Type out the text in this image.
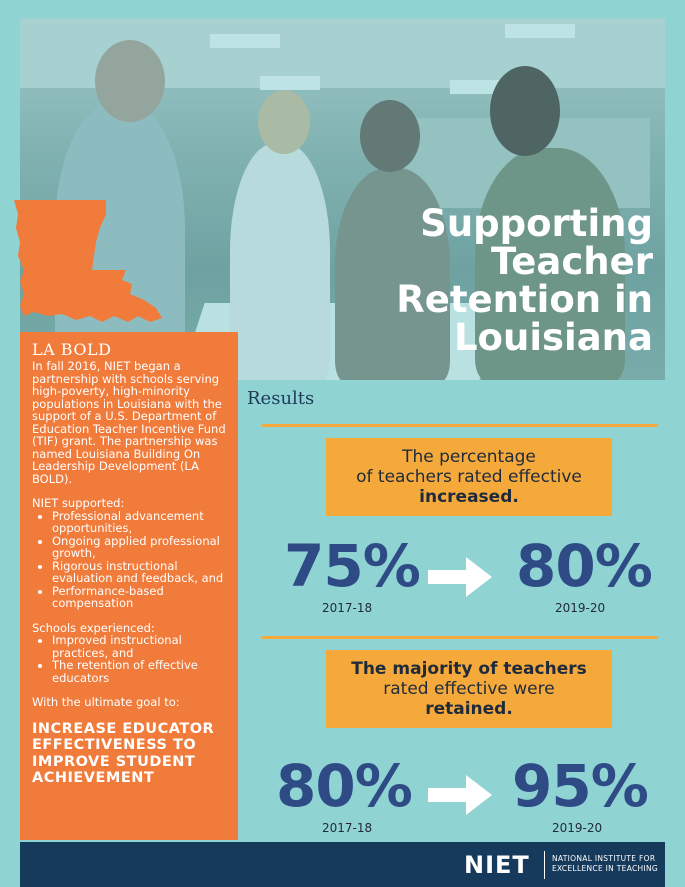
Supporting
Teacher
Retention in
Louisiana
LA BOLD

In fall 2016, NIET began a partnership with schools serving high-poverty, high-minority populations in Louisiana with the support of a U.S. Department of Education Teacher Incentive Fund (TIF) grant. The partnership was named Louisiana Building On Leadership Development (LA BOLD).

NIET supported:
• Professional advancement opportunities,
• Ongoing applied professional growth,
• Rigorous instructional evaluation and feedback, and
• Performance-based compensation
Schools experienced:
• Improved instructional practices, and
• The retention of effective educators

With the ultimate goal to:

INCREASE EDUCATOR EFFECTIVENESS TO IMPROVE STUDENT ACHIEVEMENT
Results
The percentage
of teachers rated effective
increased.
75% 80%
2017-18	2019-20
The majority of teachers
rated effective were
retained.
80% 95%
2017-18	2019-20
NIET	NATIONAL INSTITUTE FOR
EXCELLENCE IN TEACHING
